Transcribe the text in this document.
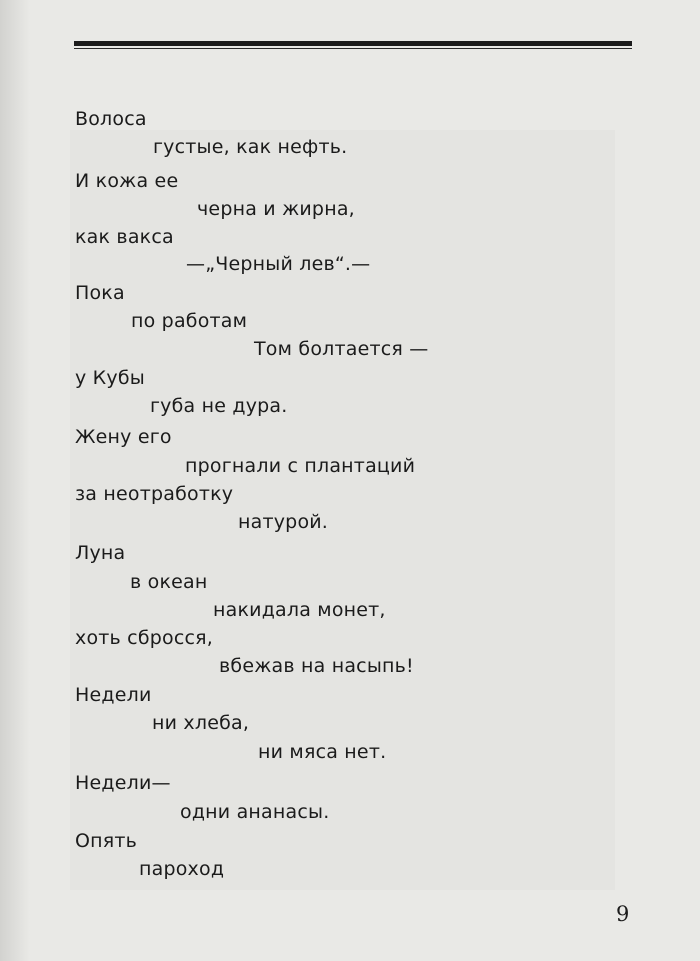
Волоса
густые, как нефть.
И кожа ее
черна и жирна,
как вакса
—„Черный лев“.—
Пока
по работам
Том болтается —
у Кубы
губа не дура.
Жену его
прогнали с плантаций
за неотработку
натурой.
Луна
в океан
накидала монет,
хоть сбросся,
вбежав на насыпь!
Недели
ни хлеба,
ни мяса нет.
Недели—
одни ананасы.
Опять
пароход
9
